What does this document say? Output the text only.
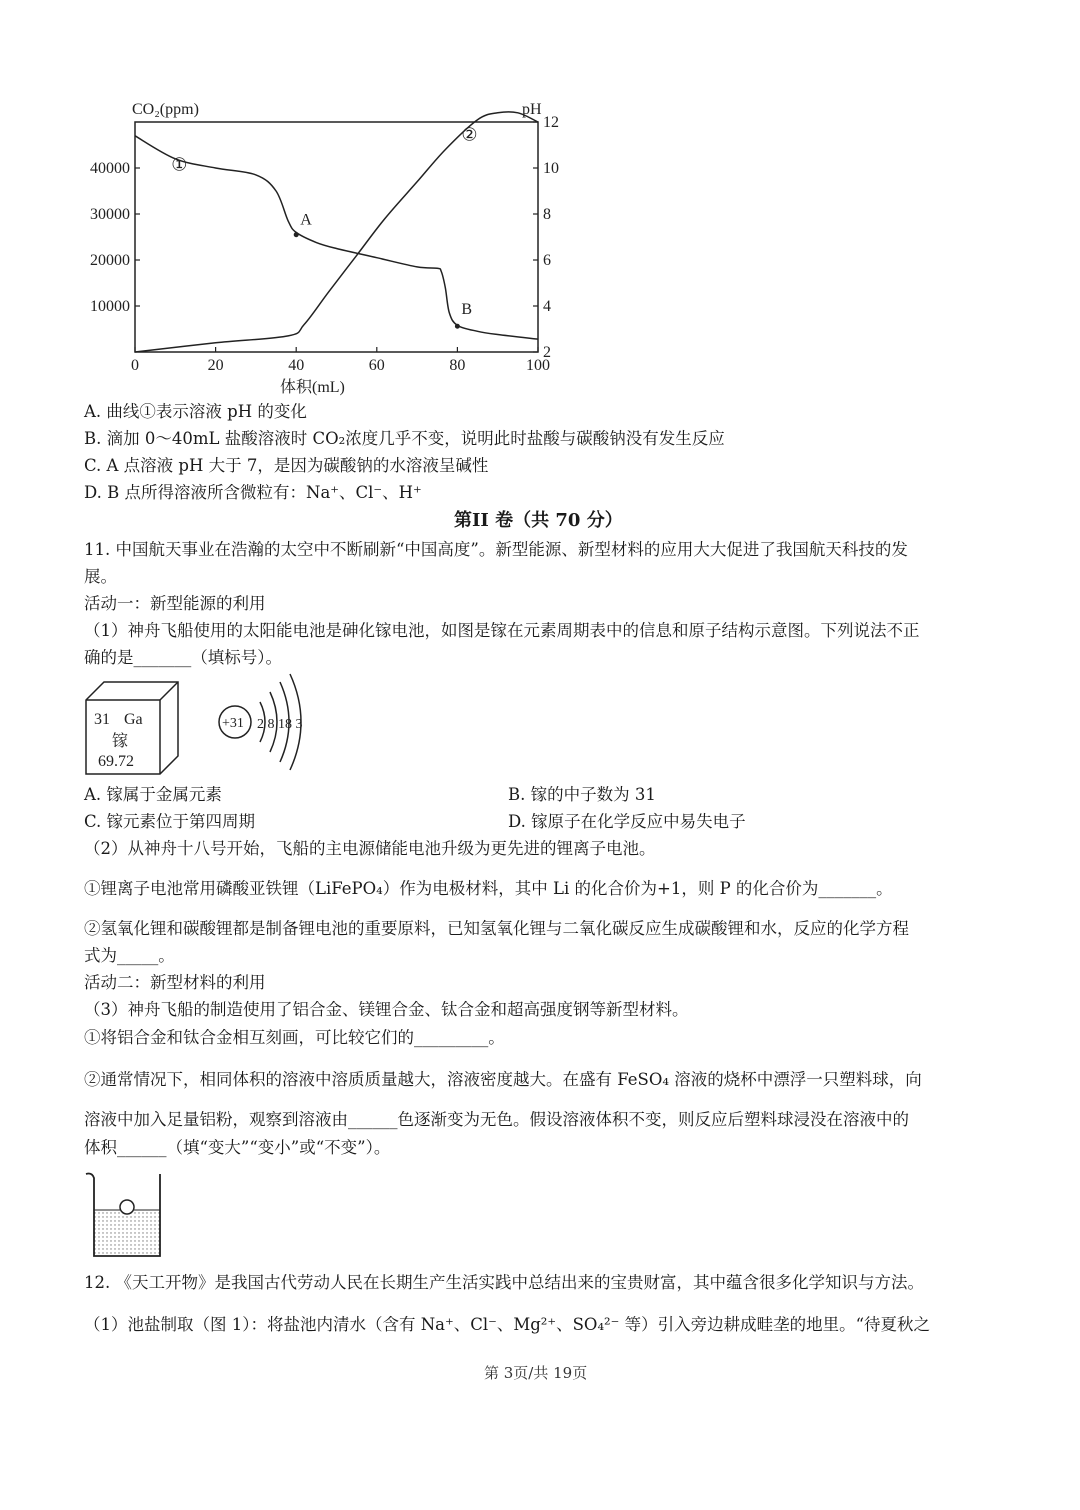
CO₂(ppm)	pH
体积(mL)
0	20	40	60	80	100
40000
30000
20000
10000
12
10
8
6
4
2
①
②
A
B
A. 曲线①表示溶液 pH 的变化
B. 滴加 0～40mL 盐酸溶液时 CO₂浓度几乎不变，说明此时盐酸与碳酸钠没有发生反应
C. A 点溶液 pH 大于 7，是因为碳酸钠的水溶液呈碱性
D. B 点所得溶液所含微粒有：Na⁺、Cl⁻、H⁺
第II 卷（共 70 分）
11. 中国航天事业在浩瀚的太空中不断刷新“中国高度”。新型能源、新型材料的应用大大促进了我国航天科技的发
展。
活动一：新型能源的利用
（1）神舟飞船使用的太阳能电池是砷化镓电池，如图是镓在元素周期表中的信息和原子结构示意图。下列说法不正
确的是_______（填标号）。
31 Ga
镓
69.72
+31 2 8 18 3
A. 镓属于金属元素	B. 镓的中子数为 31
C. 镓元素位于第四周期	D. 镓原子在化学反应中易失电子
（2）从神舟十八号开始，飞船的主电源储能电池升级为更先进的锂离子电池。
①锂离子电池常用磷酸亚铁锂（LiFePO₄）作为电极材料，其中 Li 的化合价为+1，则 P 的化合价为_______。
②氢氧化锂和碳酸锂都是制备锂电池的重要原料，已知氢氧化锂与二氧化碳反应生成碳酸锂和水，反应的化学方程
式为_____。
活动二：新型材料的利用
（3）神舟飞船的制造使用了铝合金、镁锂合金、钛合金和超高强度钢等新型材料。
①将铝合金和钛合金相互刻画，可比较它们的_________。
②通常情况下，相同体积的溶液中溶质质量越大，溶液密度越大。在盛有 FeSO₄ 溶液的烧杯中漂浮一只塑料球，向
溶液中加入足量铝粉，观察到溶液由______色逐渐变为无色。假设溶液体积不变，则反应后塑料球浸没在溶液中的
体积______（填“变大”“变小”或“不变”）。
12. 《天工开物》是我国古代劳动人民在长期生产生活实践中总结出来的宝贵财富，其中蕴含很多化学知识与方法。
（1）池盐制取（图 1）：将盐池内清水（含有 Na⁺、Cl⁻、Mg²⁺、SO₄²⁻ 等）引入旁边耕成畦垄的地里。“待夏秋之
第 3页/共 19页
